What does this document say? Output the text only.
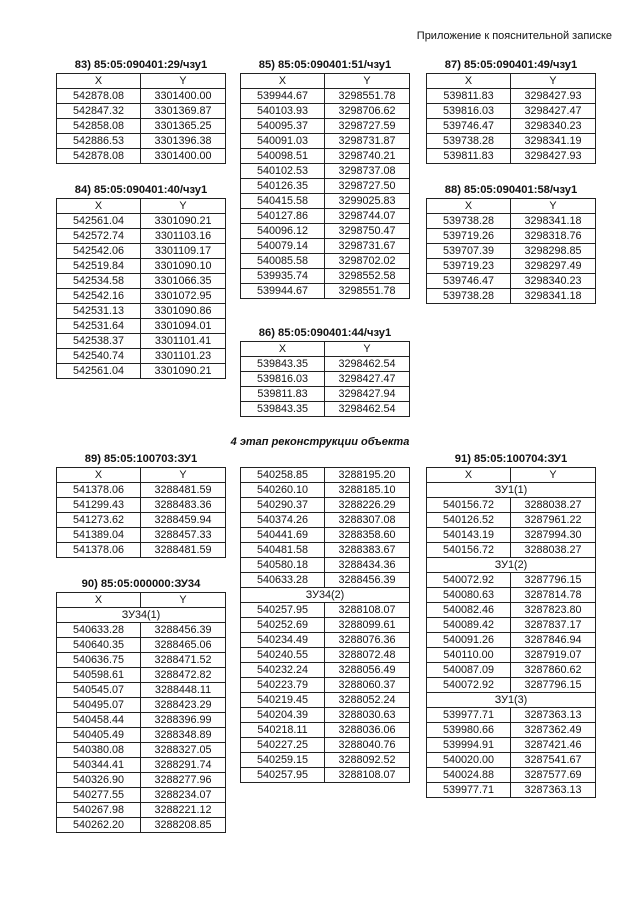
Приложение к пояснительной записке
83) 85:05:090401:29/чзу1
X	Y
542878.08	3301400.00
542847.32	3301369.87
542858.08	3301365.25
542886.53	3301396.38
542878.08	3301400.00
84) 85:05:090401:40/чзу1
X	Y
542561.04	3301090.21
542572.74	3301103.16
542542.06	3301109.17
542519.84	3301090.10
542534.58	3301066.35
542542.16	3301072.95
542531.13	3301090.86
542531.64	3301094.01
542538.37	3301101.41
542540.74	3301101.23
542561.04	3301090.21
85) 85:05:090401:51/чзу1
X	Y
539944.67	3298551.78
540103.93	3298706.62
540095.37	3298727.59
540091.03	3298731.87
540098.51	3298740.21
540102.53	3298737.08
540126.35	3298727.50
540415.58	3299025.83
540127.86	3298744.07
540096.12	3298750.47
540079.14	3298731.67
540085.58	3298702.02
539935.74	3298552.58
539944.67	3298551.78
86) 85:05:090401:44/чзу1
X	Y
539843.35	3298462.54
539816.03	3298427.47
539811.83	3298427.94
539843.35	3298462.54
87) 85:05:090401:49/чзу1
X	Y
539811.83	3298427.93
539816.03	3298427.47
539746.47	3298340.23
539738.28	3298341.19
539811.83	3298427.93
88) 85:05:090401:58/чзу1
X	Y
539738.28	3298341.18
539719.26	3298318.76
539707.39	3298298.85
539719.23	3298297.49
539746.47	3298340.23
539738.28	3298341.18
4 этап реконструкции объекта
89) 85:05:100703:ЗУ1
X	Y
541378.06	3288481.59
541299.43	3288483.36
541273.62	3288459.94
541389.04	3288457.33
541378.06	3288481.59
90) 85:05:000000:ЗУ34
X	Y
ЗУ34(1)	
540633.28	3288456.39
540640.35	3288465.06
540636.75	3288471.52
540598.61	3288472.82
540545.07	3288448.11
540495.07	3288423.29
540458.44	3288396.99
540405.49	3288348.89
540380.08	3288327.05
540344.41	3288291.74
540326.90	3288277.96
540277.55	3288234.07
540267.98	3288221.12
540262.20	3288208.85
540258.85	3288195.20
540260.10	3288185.10
540290.37	3288226.29
540374.26	3288307.08
540441.69	3288358.60
540481.58	3288383.67
540580.18	3288434.36
540633.28	3288456.39
ЗУ34(2)	
540257.95	3288108.07
540252.69	3288099.61
540234.49	3288076.36
540240.55	3288072.48
540232.24	3288056.49
540223.79	3288060.37
540219.45	3288052.24
540204.39	3288030.63
540218.11	3288036.06
540227.25	3288040.76
540259.15	3288092.52
540257.95	3288108.07
91) 85:05:100704:ЗУ1
X	Y
ЗУ1(1)	
540156.72	3288038.27
540126.52	3287961.22
540143.19	3287994.30
540156.72	3288038.27
ЗУ1(2)	
540072.92	3287796.15
540080.63	3287814.78
540082.46	3287823.80
540089.42	3287837.17
540091.26	3287846.94
540110.00	3287919.07
540087.09	3287860.62
540072.92	3287796.15
ЗУ1(3)	
539977.71	3287363.13
539980.66	3287362.49
539994.91	3287421.46
540020.00	3287541.67
540024.88	3287577.69
539977.71	3287363.13
